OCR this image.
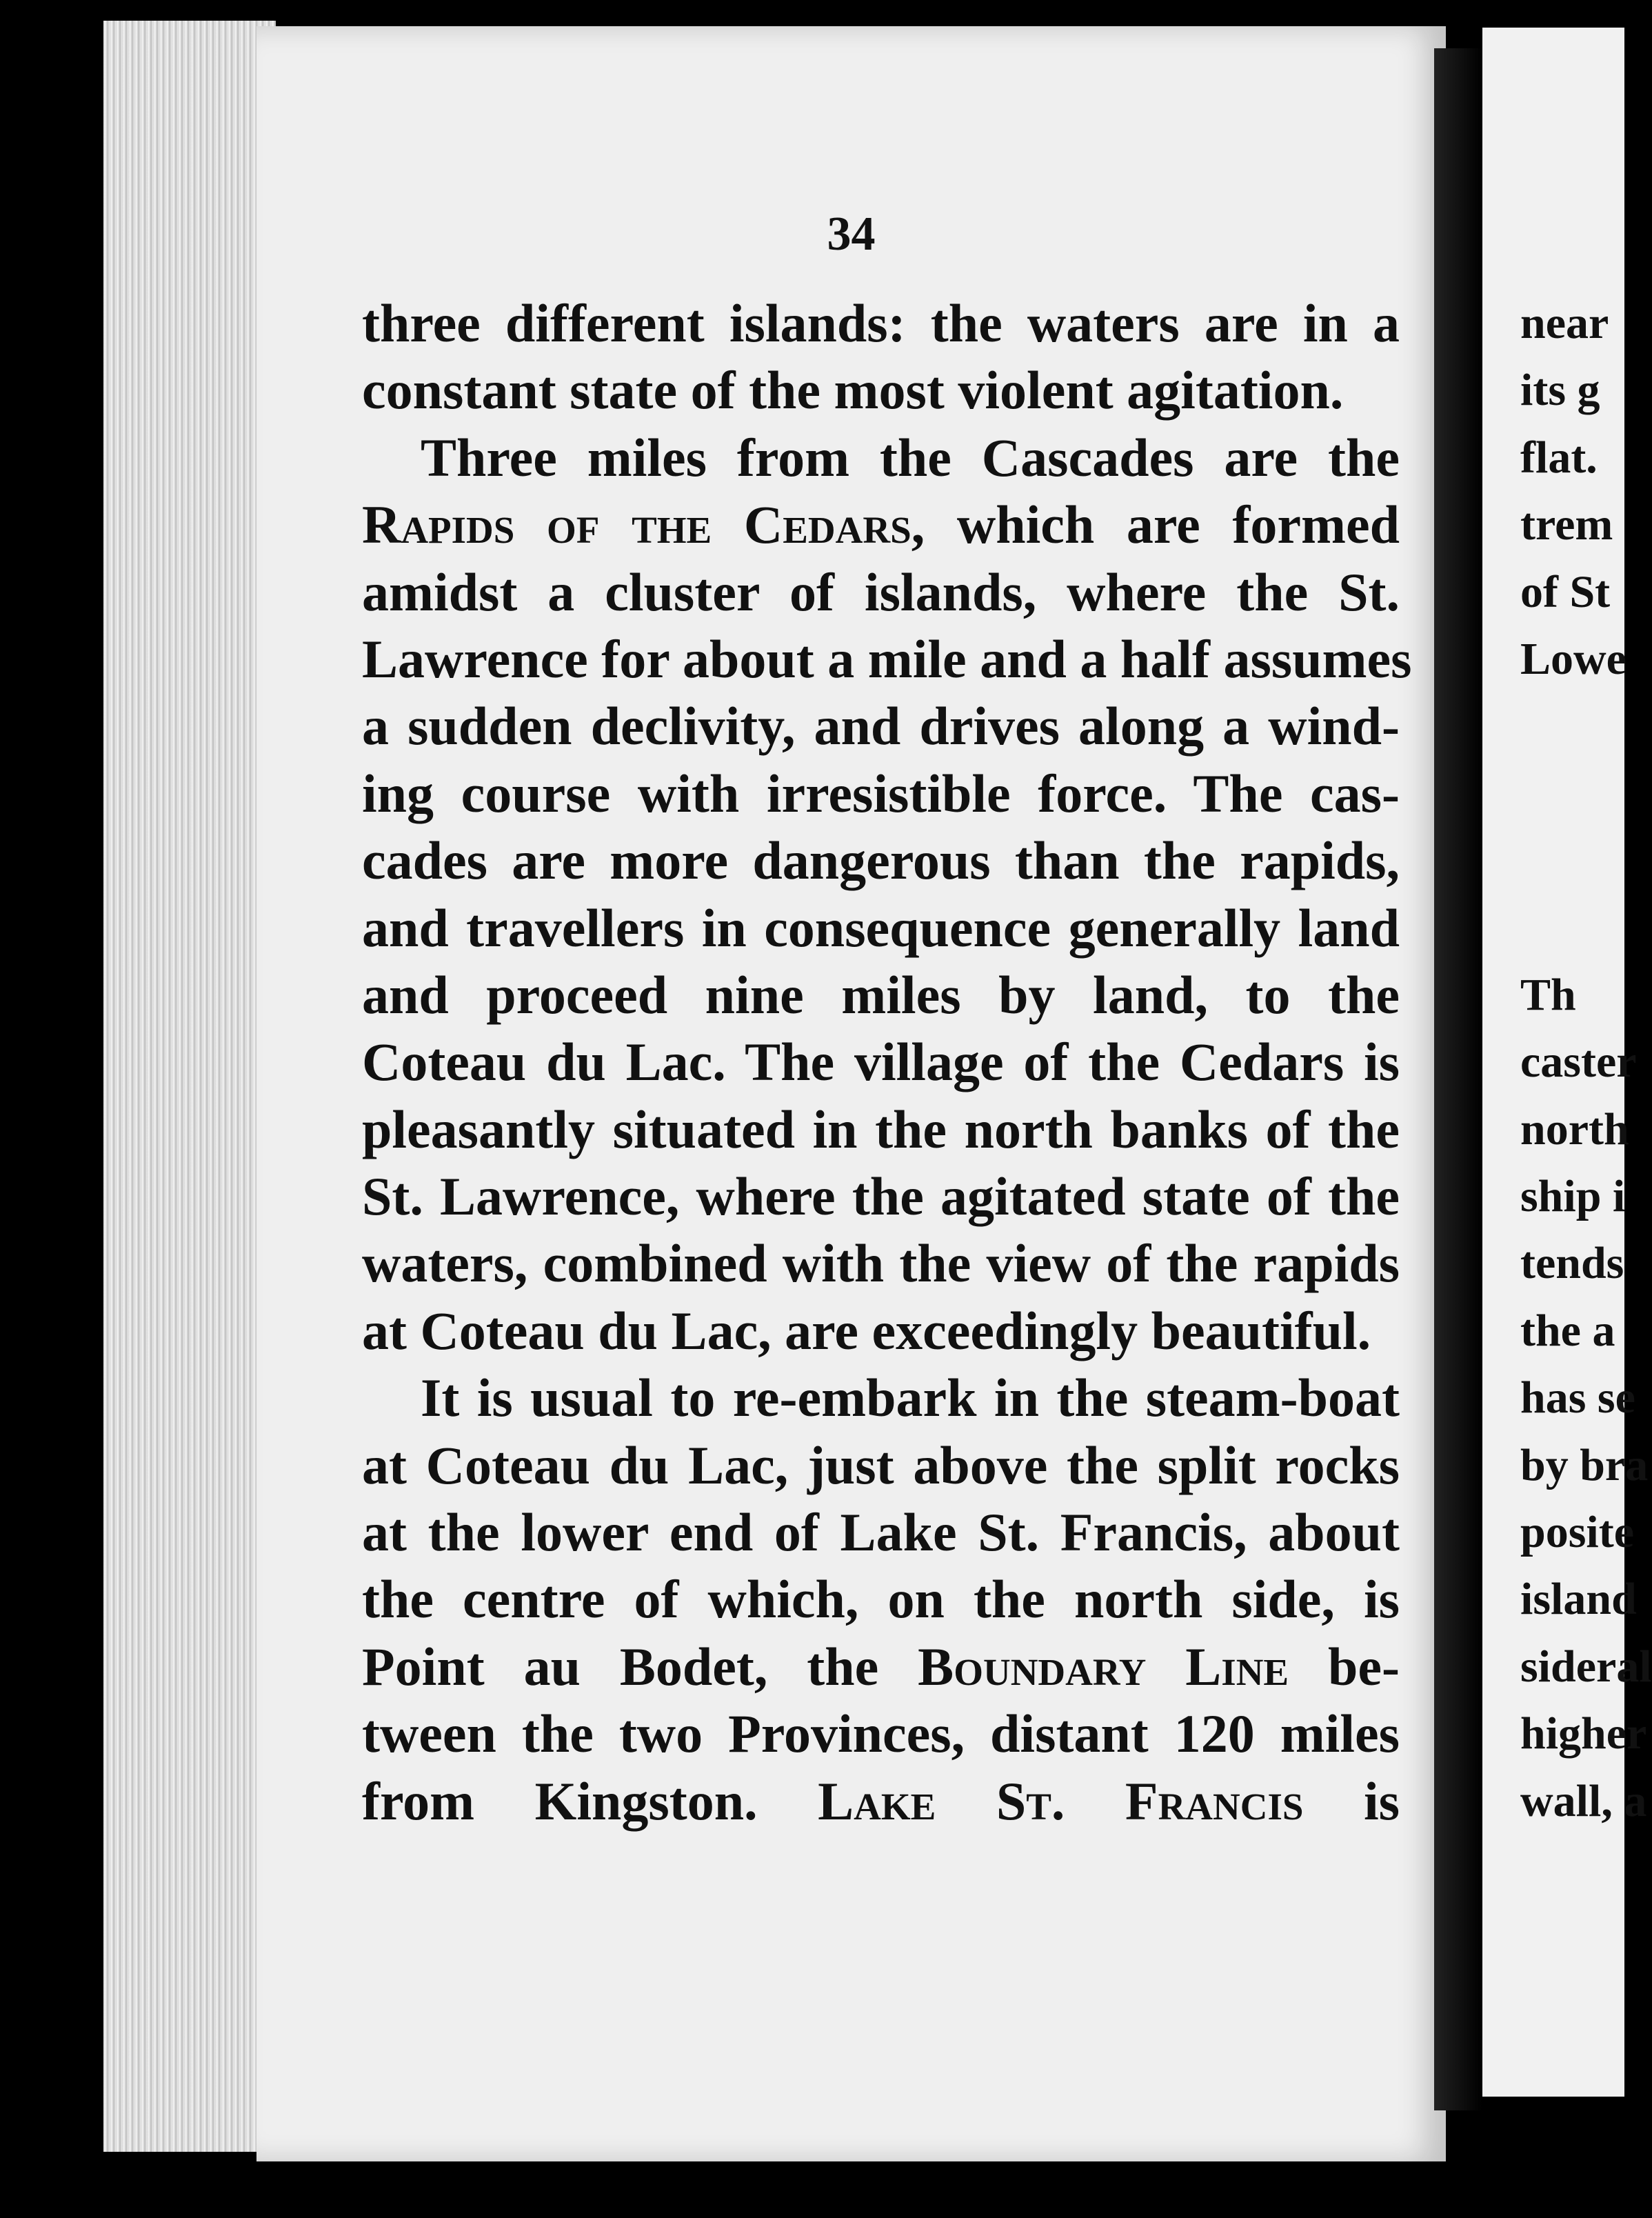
34
three different islands: the waters are in a
constant state of the most violent agitation.
Three miles from the Cascades are the
Rapids of the Cedars, which are formed
amidst a cluster of islands, where the St.
Lawrence for about a mile and a half assumes
a sudden declivity, and drives along a wind-
ing course with irresistible force. The cas-
cades are more dangerous than the rapids,
and travellers in consequence generally land
and proceed nine miles by land, to the
Coteau du Lac. The village of the Cedars is
pleasantly situated in the north banks of the
St. Lawrence, where the agitated state of the
waters, combined with the view of the rapids
at Coteau du Lac, are exceedingly beautiful.
It is usual to re-embark in the steam-boat
at Coteau du Lac, just above the split rocks
at the lower end of Lake St. Francis, about
the centre of which, on the north side, is
Point au Bodet, the Boundary Line be-
tween the two Provinces, distant 120 miles
from Kingston. Lake St. Francis is
near
its g
flat.
trem
of St
Lowe
Th
caster
north
ship i
tends
the a
has se
by bra
posite
island
sideral
higher
wall, a
